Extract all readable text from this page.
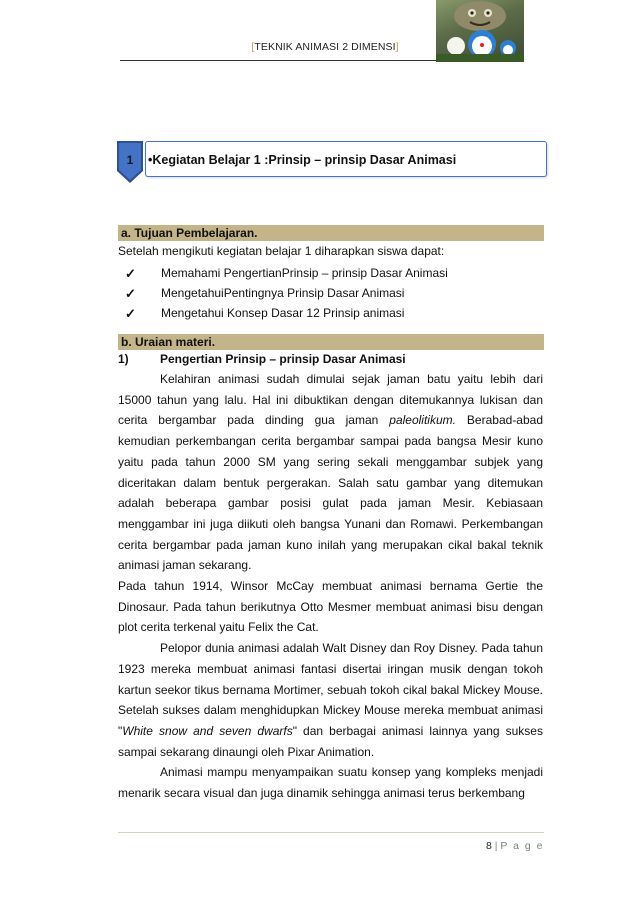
[TEKNIK ANIMASI 2 DIMENSI]
1	•Kegiatan Belajar 1 :Prinsip – prinsip Dasar Animasi
a. Tujuan Pembelajaran.
Setelah mengikuti kegiatan belajar 1 diharapkan siswa dapat:
✓ Memahami PengertianPrinsip – prinsip Dasar Animasi
✓ MengetahuiPentingnya Prinsip Dasar Animasi
✓ Mengetahui Konsep Dasar 12 Prinsip animasi
b. Uraian materi.
1)	Pengertian Prinsip – prinsip Dasar Animasi

Kelahiran animasi sudah dimulai sejak jaman batu yaitu lebih dari 15000 tahun yang lalu. Hal ini dibuktikan dengan ditemukannya lukisan dan cerita bergambar pada dinding gua jaman paleolitikum. Berabad-abad kemudian perkembangan cerita bergambar sampai pada bangsa Mesir kuno yaitu pada tahun 2000 SM yang sering sekali menggambar subjek yang diceritakan dalam bentuk pergerakan. Salah satu gambar yang ditemukan adalah beberapa gambar posisi gulat pada jaman Mesir. Kebiasaan menggambar ini juga diikuti oleh bangsa Yunani dan Romawi. Perkembangan cerita bergambar pada jaman kuno inilah yang merupakan cikal bakal teknik animasi jaman sekarang.

Pada tahun 1914, Winsor McCay membuat animasi bernama Gertie the Dinosaur. Pada tahun berikutnya Otto Mesmer membuat animasi bisu dengan plot cerita terkenal yaitu Felix the Cat.

Pelopor dunia animasi adalah Walt Disney dan Roy Disney. Pada tahun 1923 mereka membuat animasi fantasi disertai iringan musik dengan tokoh kartun seekor tikus bernama Mortimer, sebuah tokoh cikal bakal Mickey Mouse. Setelah sukses dalam menghidupkan Mickey Mouse mereka membuat animasi "White snow and seven dwarfs" dan berbagai animasi lainnya yang sukses sampai sekarang dinaungi oleh Pixar Animation.

Animasi mampu menyampaikan suatu konsep yang kompleks menjadi menarik secara visual dan juga dinamik sehingga animasi terus berkembang

8 | P a g e
